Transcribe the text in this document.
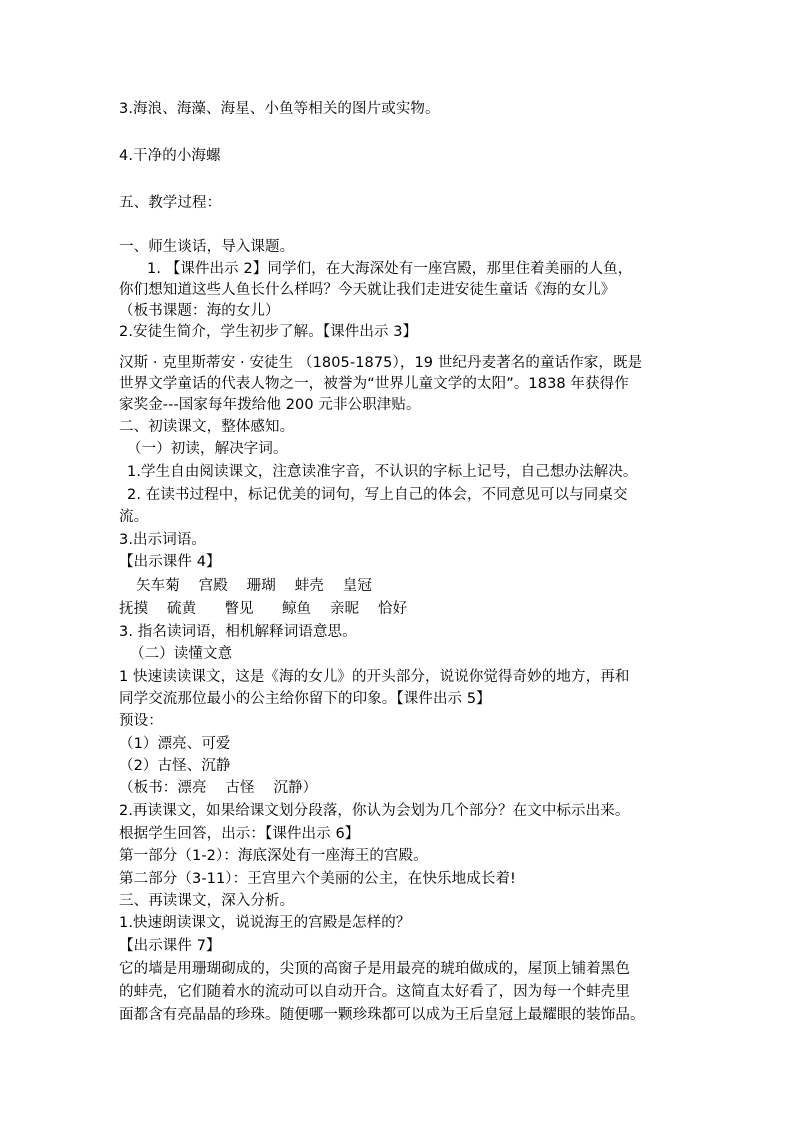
3.海浪、海藻、海星、小鱼等相关的图片或实物。
4.干净的小海螺
五、教学过程：
一、师生谈话，导入课题。
1. 【课件出示 2】同学们，在大海深处有一座宫殿，那里住着美丽的人鱼，
你们想知道这些人鱼长什么样吗？今天就让我们走进安徒生童话《海的女儿》
（板书课题：海的女儿）
2.安徒生简介，学生初步了解。【课件出示 3】
汉斯 · 克里斯蒂安 · 安徒生 （1805-1875），19 世纪丹麦著名的童话作家，既是
世界文学童话的代表人物之一，被誉为“世界儿童文学的太阳”。1838 年获得作
家奖金---国家每年拨给他 200 元非公职津贴。
二、初读课文，整体感知。
（一）初读，解决字词。
1.学生自由阅读课文，注意读准字音，不认识的字标上记号，自己想办法解决。
2. 在读书过程中，标记优美的词句，写上自己的体会，不同意见可以与同桌交
流。
3.出示词语。
【出示课件 4】
矢车菊    宫殿    珊瑚    蚌壳    皇冠
抚摸    硫黄      瞥见      鲸鱼    亲昵    恰好
3. 指名读词语，相机解释词语意思。
（二）读懂文意
1 快速读读课文，这是《海的女儿》的开头部分，说说你觉得奇妙的地方，再和
同学交流那位最小的公主给你留下的印象。【课件出示 5】
预设：
（1）漂亮、可爱
（2）古怪、沉静
（板书：漂亮    古怪    沉静）
2.再读课文，如果给课文划分段落，你认为会划为几个部分？在文中标示出来。
根据学生回答，出示：【课件出示 6】
第一部分（1-2）：海底深处有一座海王的宫殿。
第二部分（3-11）：王宫里六个美丽的公主，在快乐地成长着!
三、再读课文，深入分析。
1.快速朗读课文，说说海王的宫殿是怎样的？
【出示课件 7】
它的墙是用珊瑚砌成的，尖顶的高窗子是用最亮的琥珀做成的，屋顶上铺着黑色
的蚌壳，它们随着水的流动可以自动开合。这简直太好看了，因为每一个蚌壳里
面都含有亮晶晶的珍珠。随便哪一颗珍珠都可以成为王后皇冠上最耀眼的装饰品。
